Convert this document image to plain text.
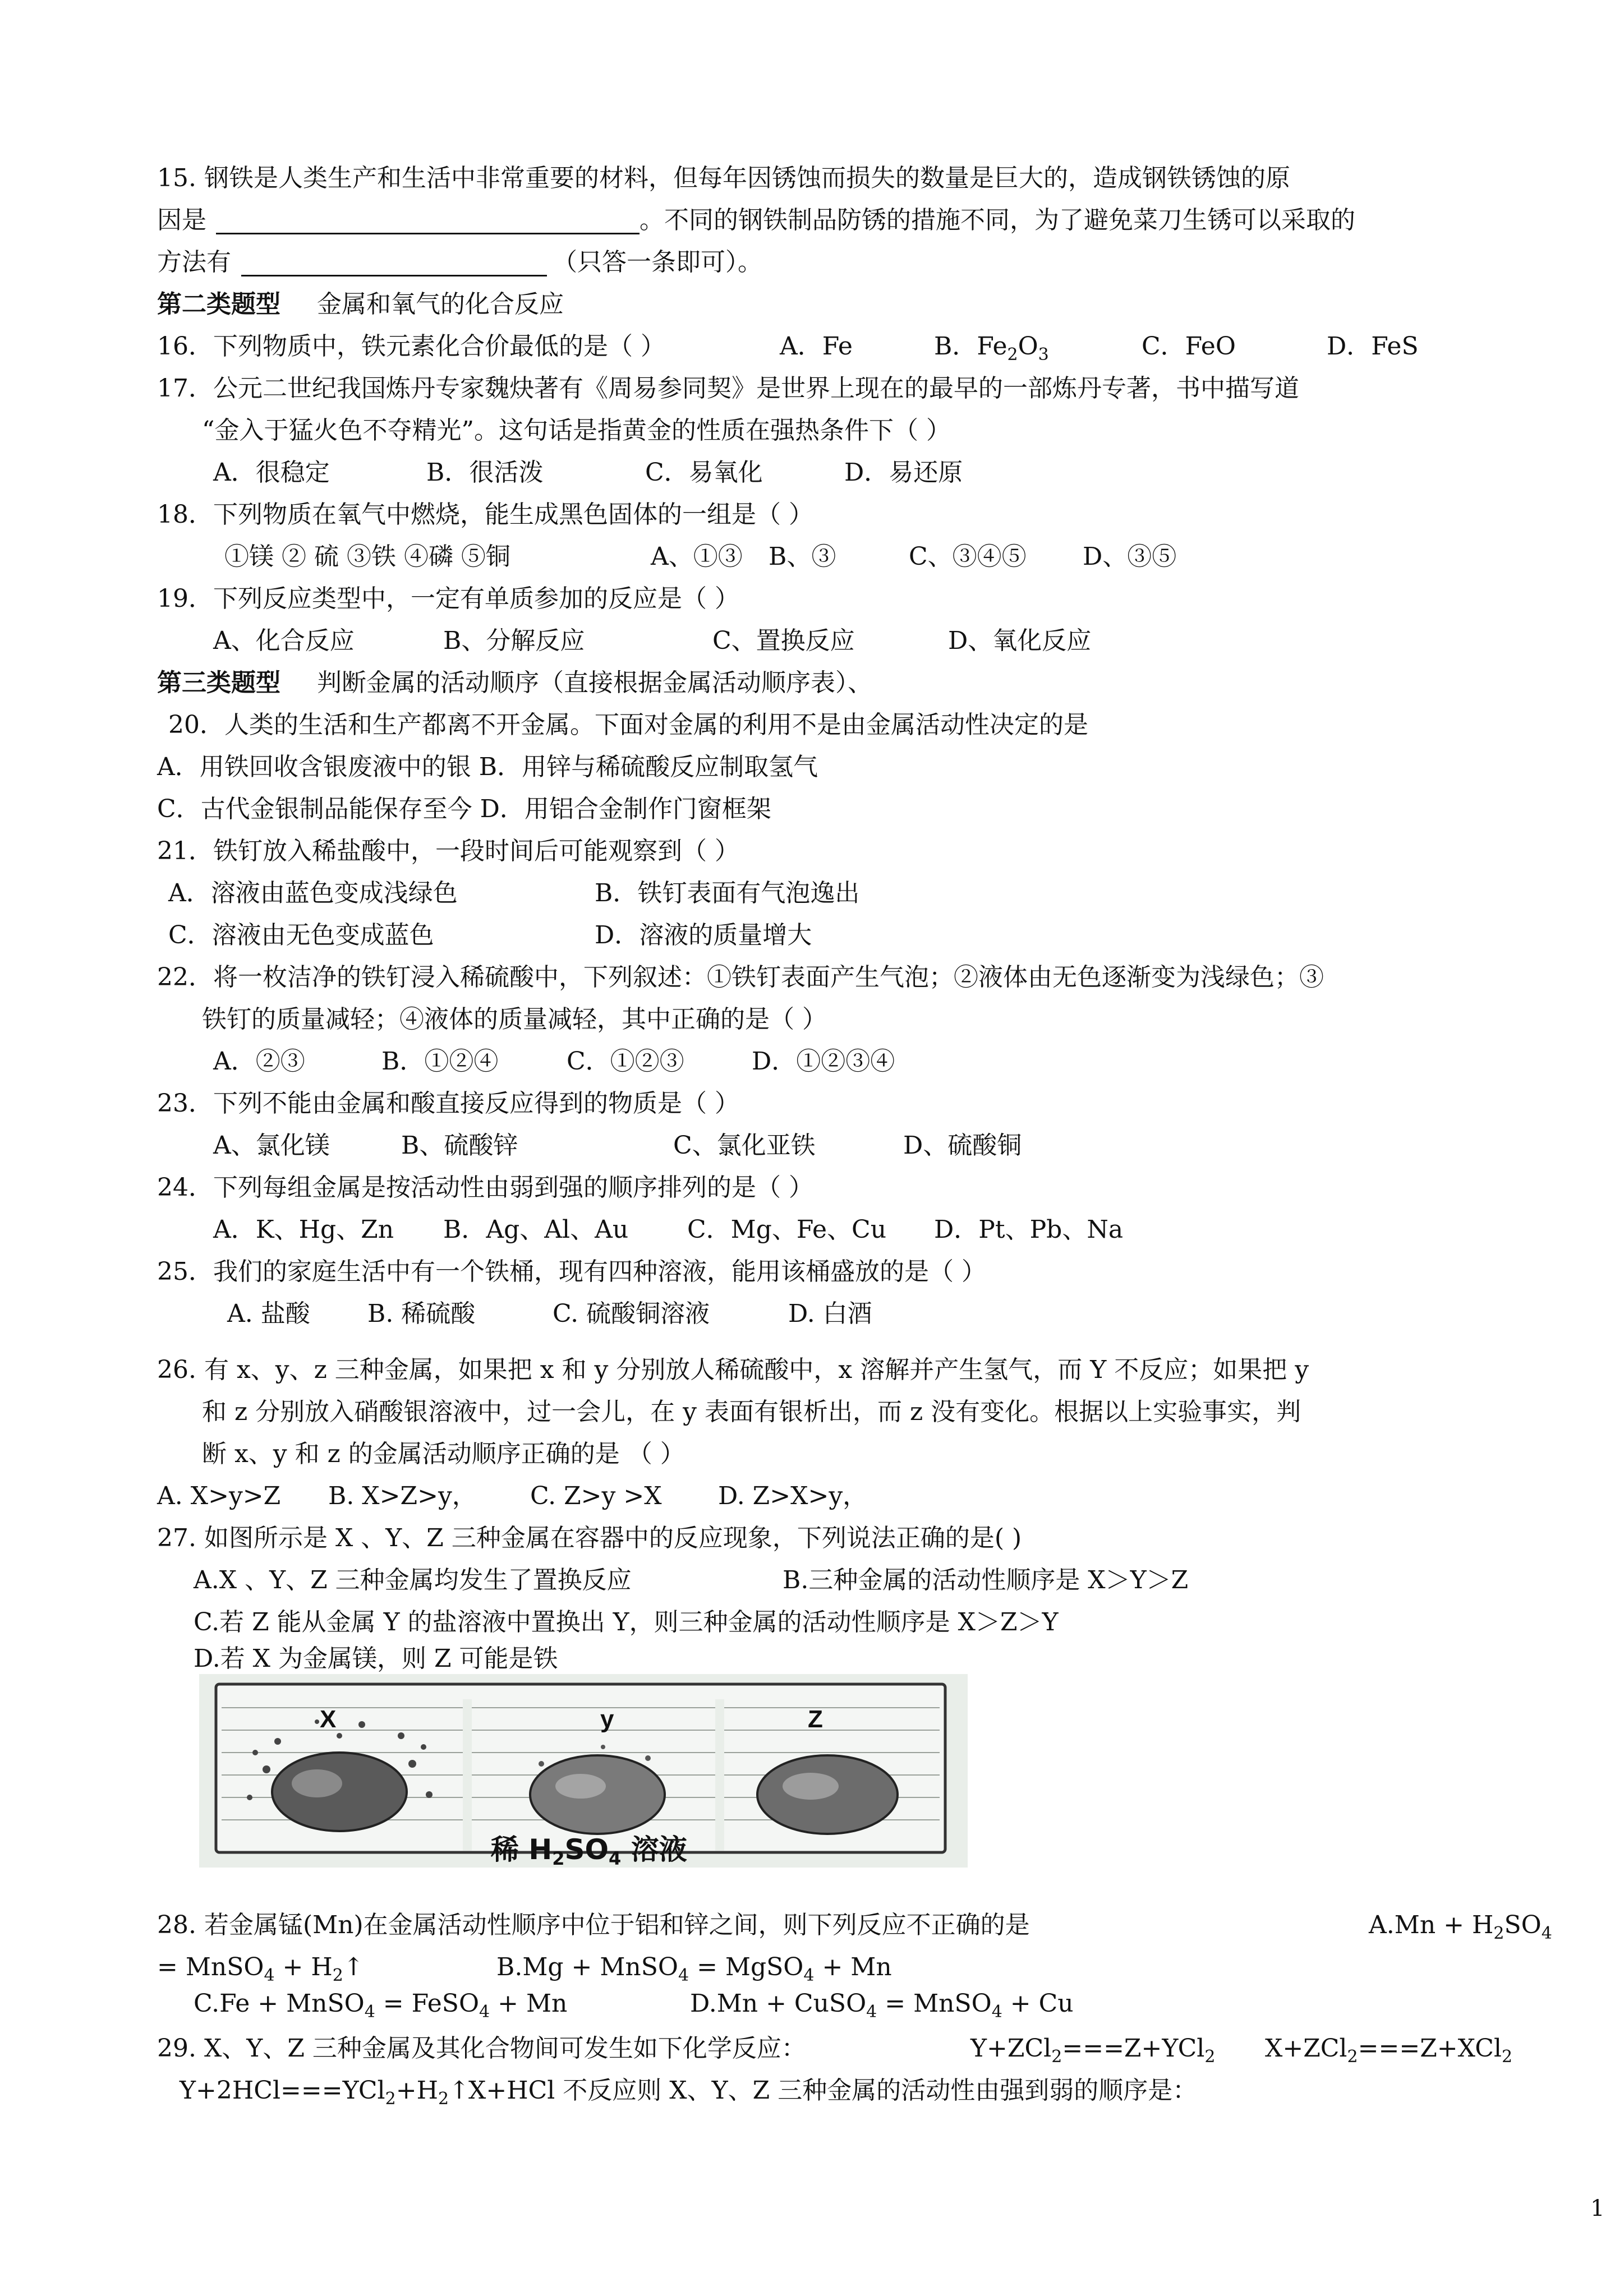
15. 钢铁是人类生产和生活中非常重要的材料，但每年因锈蚀而损失的数量是巨大的，造成钢铁锈蚀的原
因是	。不同的钢铁制品防锈的措施不同，为了避免菜刀生锈可以采取的
方法有	（只答一条即可）。
第二类题型 金属和氧气的化合反应
16．下列物质中，铁元素化合价最低的是（ ）	A．Fe	B．$Fe_2O_3$	C．FeO	D．FeS
17．公元二世纪我国炼丹专家魏炔著有《周易参同契》是世界上现在的最早的一部炼丹专著，书中描写道
“金入于猛火色不夺精光”。这句话是指黄金的性质在强热条件下（ ）
A．很稳定	B．很活泼	C．易氧化	D．易还原
18．下列物质在氧气中燃烧，能生成黑色固体的一组是（ ）
①镁 ② 硫 ③铁 ④磷 ⑤铜	A、①③ B、③	C、③④⑤ D、③⑤
19．下列反应类型中，一定有单质参加的反应是（ ）
A、化合反应	B、分解反应	C、置换反应	D、氧化反应
第三类题型 判断金属的活动顺序（直接根据金属活动顺序表）、
20．人类的生活和生产都离不开金属。下面对金属的利用不是由金属活动性决定的是
A．用铁回收含银废液中的银 B．用锌与稀硫酸反应制取氢气
C．古代金银制品能保存至今 D．用铝合金制作门窗框架
21．铁钉放入稀盐酸中，一段时间后可能观察到（ ）
A．溶液由蓝色变成浅绿色	B．铁钉表面有气泡逸出
C．溶液由无色变成蓝色	D．溶液的质量增大
22．将一枚洁净的铁钉浸入稀硫酸中，下列叙述：①铁钉表面产生气泡；②液体由无色逐渐变为浅绿色；③
铁钉的质量减轻；④液体的质量减轻，其中正确的是（ ）
A．②③	B．①②④	C．①②③	D．①②③④
23．下列不能由金属和酸直接反应得到的物质是（ ）
A、氯化镁	B、硫酸锌	C、氯化亚铁	D、硫酸铜
24．下列每组金属是按活动性由弱到强的顺序排列的是（ ）
A．K、Hg、Zn B．Ag、Al、Au C．Mg、Fe、Cu D．Pt、Pb、Na
25．我们的家庭生活中有一个铁桶，现有四种溶液，能用该桶盛放的是（ ）
A. 盐酸 B. 稀硫酸	C. 硫酸铜溶液	D. 白酒
26. 有 x、y、z 三种金属，如果把 x 和 y 分别放人稀硫酸中，x 溶解并产生氢气，而 Y 不反应；如果把 y
和 z 分别放入硝酸银溶液中，过一会儿，在 y 表面有银析出，而 z 没有变化。根据以上实验事实，判
断 x、y 和 z 的金属活动顺序正确的是 （ ）
A. X>y>Z B. X>Z>y， C. Z>y >X D. Z>X>y，
27. 如图所示是 X 、Y、Z 三种金属在容器中的反应现象，下列说法正确的是( )
A.X 、Y、Z 三种金属均发生了置换反应	B.三种金属的活动性顺序是 X＞Y＞Z
C.若 Z 能从金属 Y 的盐溶液中置换出 Y，则三种金属的活动性顺序是 X＞Z＞Y
D.若 X 为金属镁，则 Z 可能是铁
X	y	Z
稀 $H_2SO_4$ 溶液
28. 若金属锰(Mn)在金属活动性顺序中位于铝和锌之间，则下列反应不正确的是	$A.Mn + H_2SO_4$
= MnSO$_4$ + $H_2↑$	B.Mg + MnSO$_4$ = MgSO$_4$ + Mn
C.Fe + MnSO$_4$ = FeSO$_4$ + Mn	D.Mn + CuSO$_4$ = MnSO$_4$ + Cu
29. X、Y、Z 三种金属及其化合物间可发生如下化学反应：	Y+ZCl$_2$===Z+YCl$_2$ X+ZCl$_2$===Z+XCl$_2$
$Y+2HCl===YCl_2+H_2↑$
X+HCl 不反应则 X、Y、Z 三种金属的活动性由强到弱的顺序是：
1
